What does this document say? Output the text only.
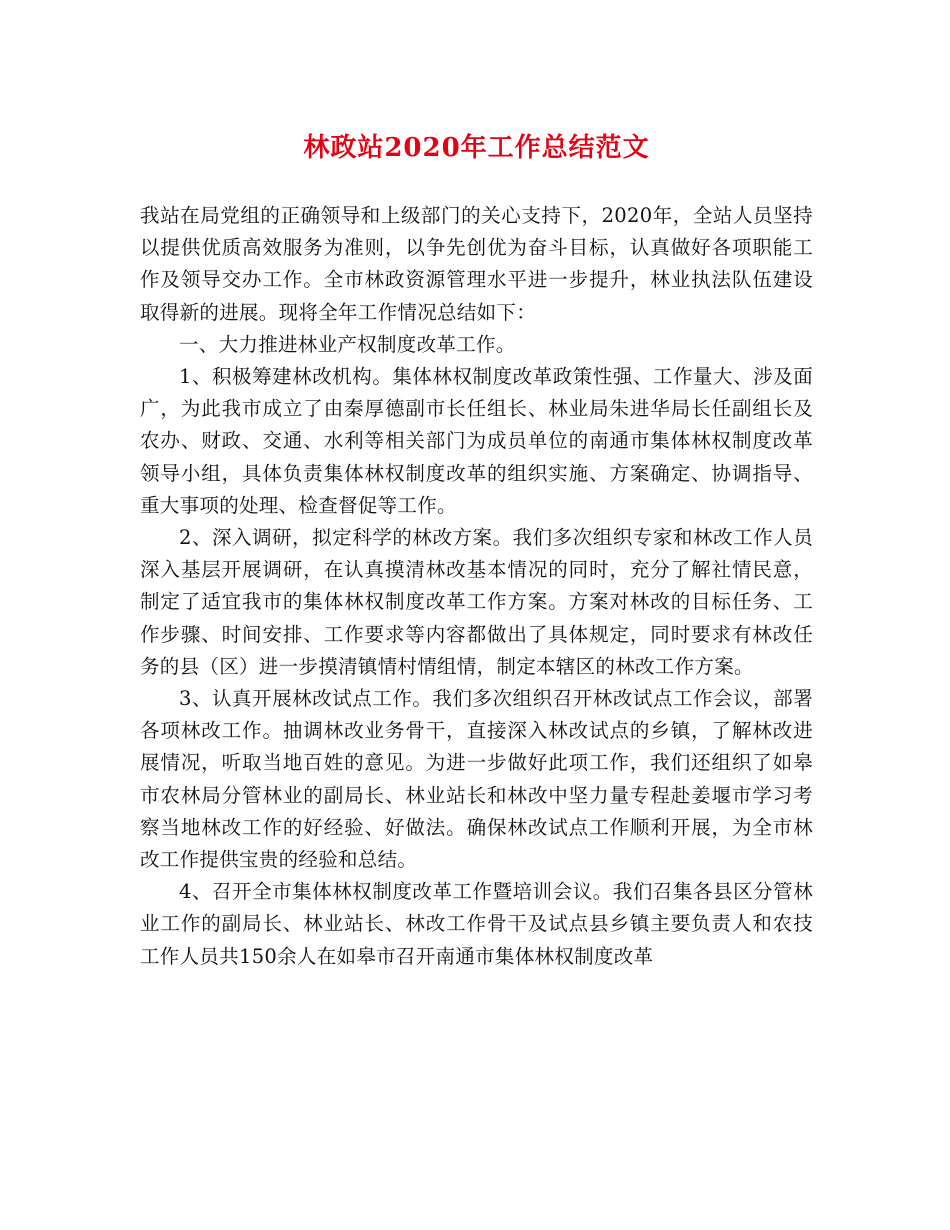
林政站2020年工作总结范文

我站在局党组的正确领导和上级部门的关心支持下，2020年，全站人员坚持以提供优质高效服务为准则，以争先创优为奋斗目标，认真做好各项职能工作及领导交办工作。全市林政资源管理水平进一步提升，林业执法队伍建设取得新的进展。现将全年工作情况总结如下：

一、大力推进林业产权制度改革工作。

1、积极筹建林改机构。集体林权制度改革政策性强、工作量大、涉及面广，为此我市成立了由秦厚德副市长任组长、林业局朱进华局长任副组长及农办、财政、交通、水利等相关部门为成员单位的南通市集体林权制度改革领导小组，具体负责集体林权制度改革的组织实施、方案确定、协调指导、重大事项的处理、检查督促等工作。

2、深入调研，拟定科学的林改方案。我们多次组织专家和林改工作人员深入基层开展调研，在认真摸清林改基本情况的同时，充分了解社情民意，制定了适宜我市的集体林权制度改革工作方案。方案对林改的目标任务、工作步骤、时间安排、工作要求等内容都做出了具体规定，同时要求有林改任务的县（区）进一步摸清镇情村情组情，制定本辖区的林改工作方案。

3、认真开展林改试点工作。我们多次组织召开林改试点工作会议，部署各项林改工作。抽调林改业务骨干，直接深入林改试点的乡镇，了解林改进展情况，听取当地百姓的意见。为进一步做好此项工作，我们还组织了如皋市农林局分管林业的副局长、林业站长和林改中坚力量专程赴姜堰市学习考察当地林改工作的好经验、好做法。确保林改试点工作顺利开展，为全市林改工作提供宝贵的经验和总结。

4、召开全市集体林权制度改革工作暨培训会议。我们召集各县区分管林业工作的副局长、林业站长、林改工作骨干及试点县乡镇主要负责人和农技工作人员共150余人在如皋市召开南通市集体林权制度改革
